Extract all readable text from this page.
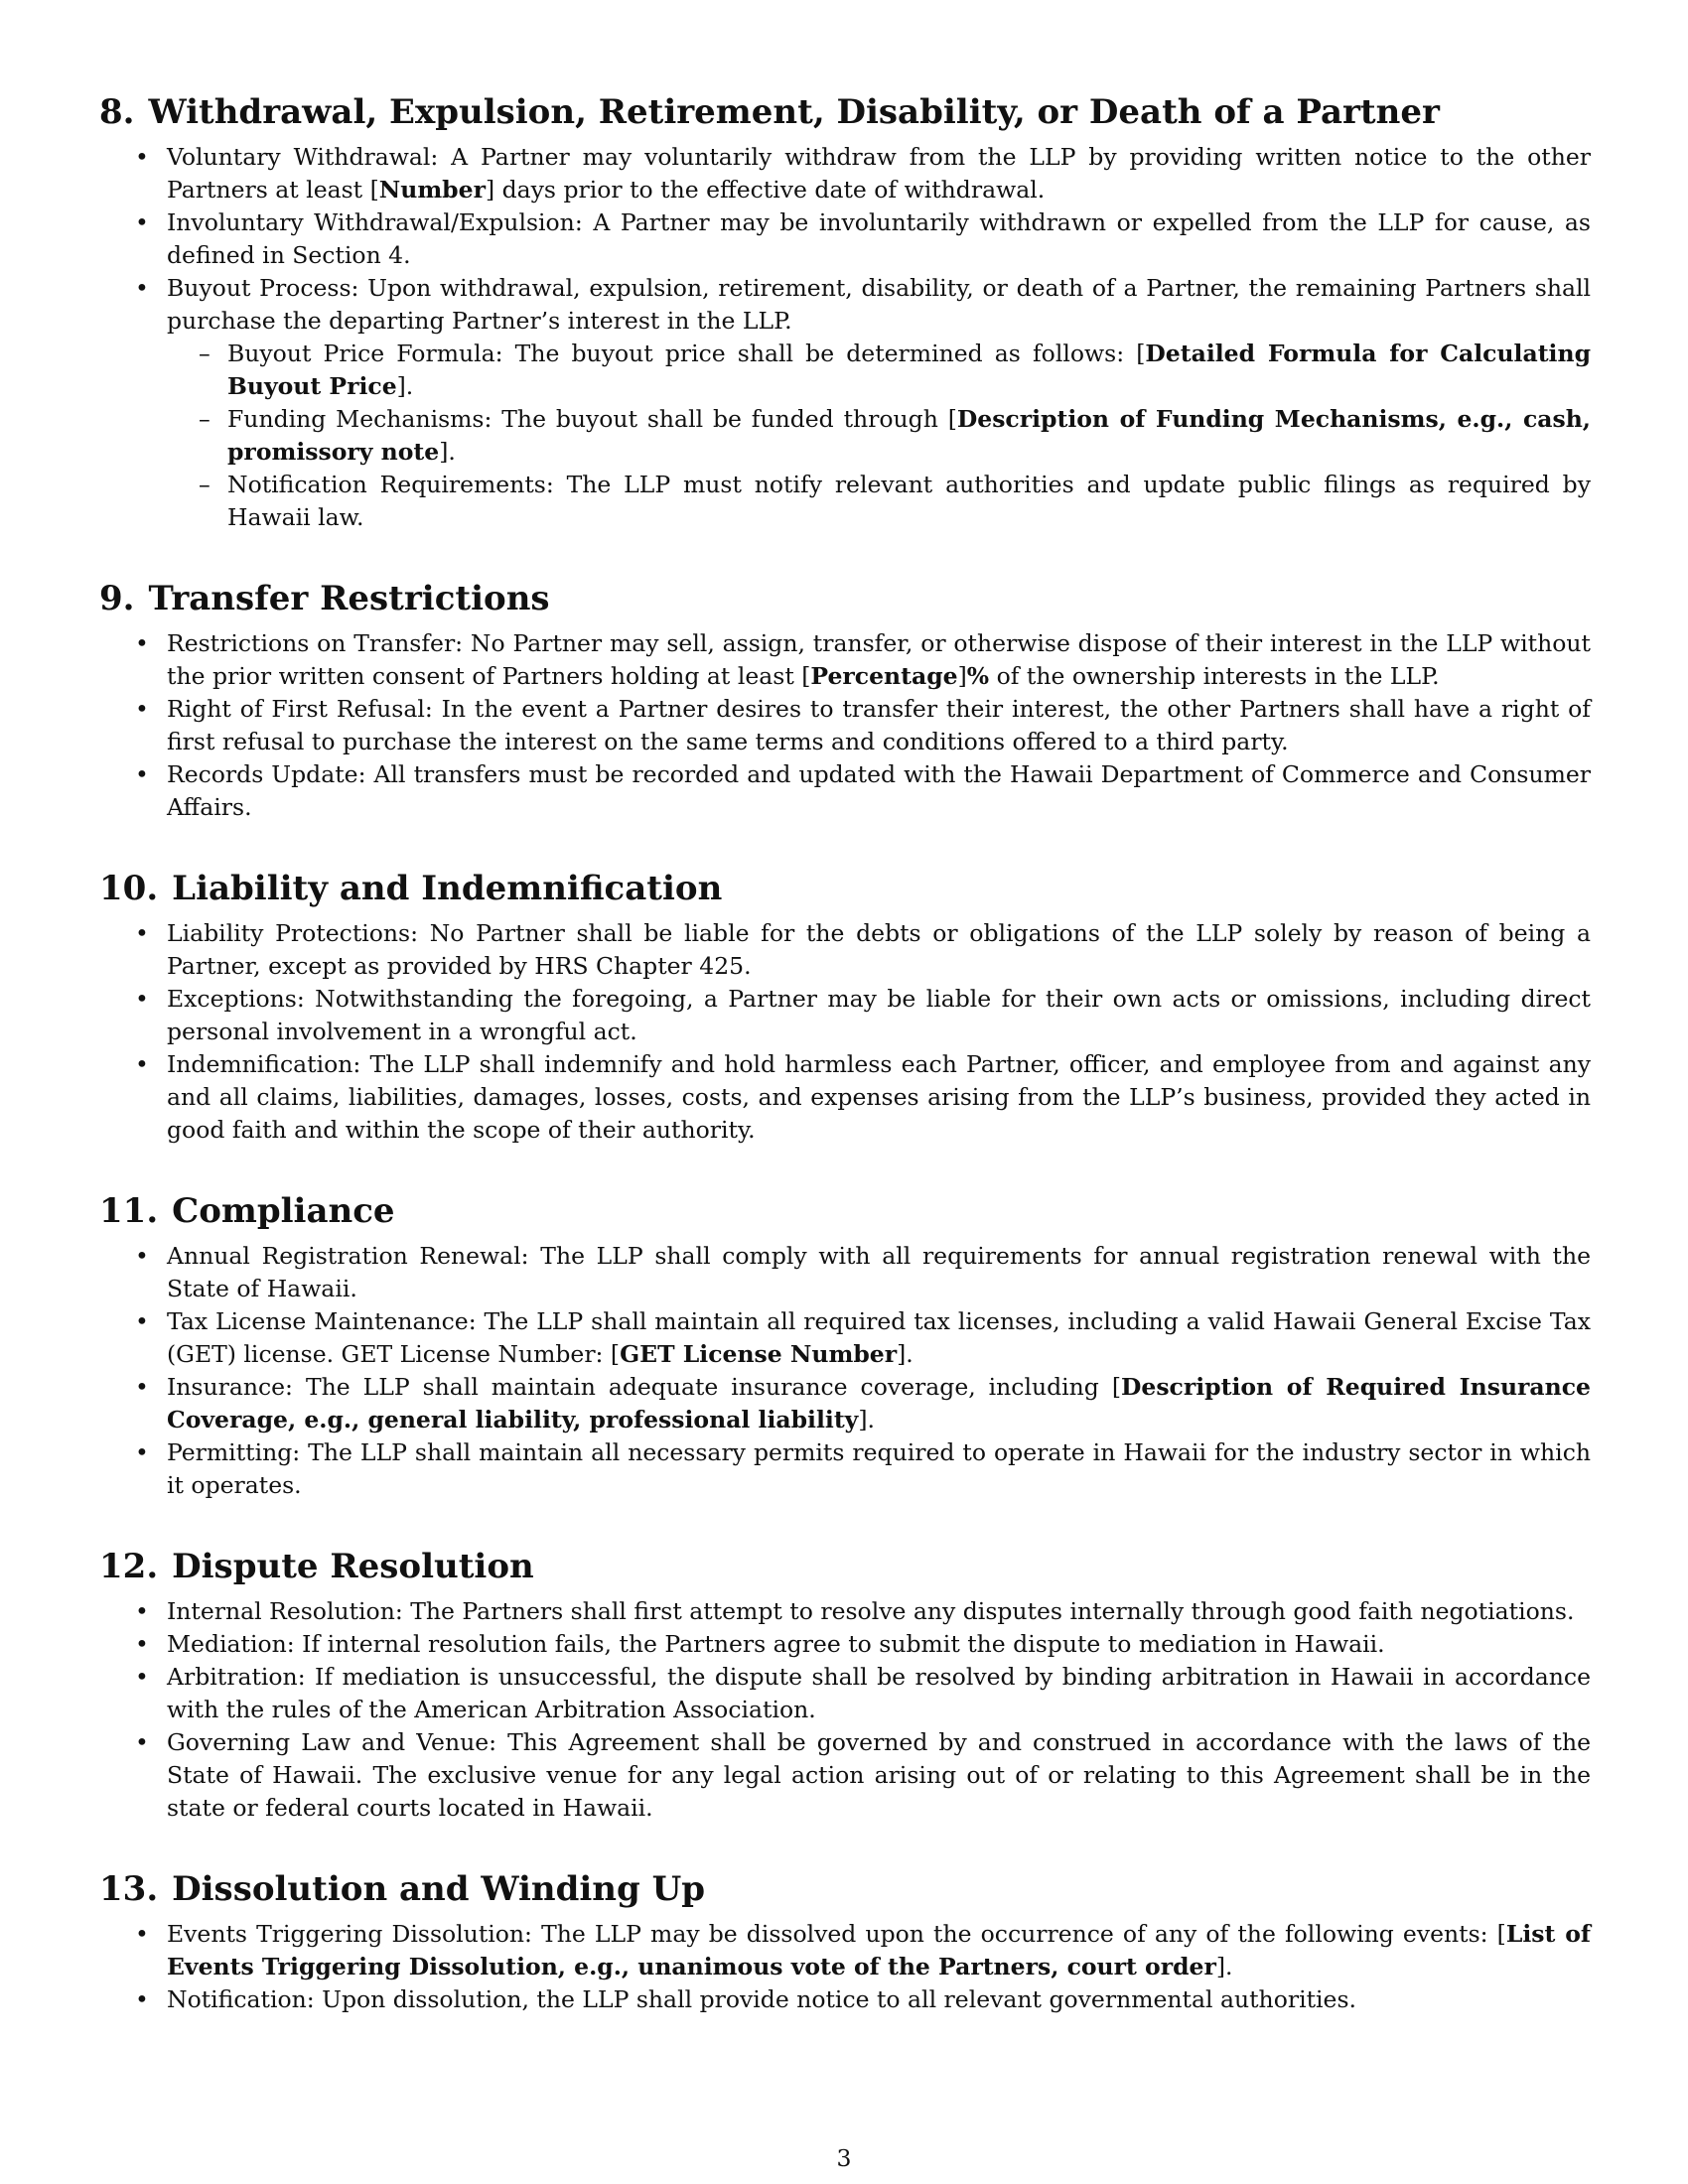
8. Withdrawal, Expulsion, Retirement, Disability, or Death of a Partner
• Voluntary Withdrawal: A Partner may voluntarily withdraw from the LLP by providing written notice to the other Partners at least [Number] days prior to the effective date of withdrawal.
• Involuntary Withdrawal/Expulsion: A Partner may be involuntarily withdrawn or expelled from the LLP for cause, as defined in Section 4.
• Buyout Process: Upon withdrawal, expulsion, retirement, disability, or death of a Partner, the remaining Partners shall purchase the departing Partner’s interest in the LLP.
– Buyout Price Formula: The buyout price shall be determined as follows: [Detailed Formula for Calculating Buyout Price].
– Funding Mechanisms: The buyout shall be funded through [Description of Funding Mechanisms, e.g., cash, promissory note].
– Notification Requirements: The LLP must notify relevant authorities and update public filings as required by Hawaii law.
9. Transfer Restrictions
• Restrictions on Transfer: No Partner may sell, assign, transfer, or otherwise dispose of their interest in the LLP without the prior written consent of Partners holding at least [Percentage]% of the ownership interests in the LLP.
• Right of First Refusal: In the event a Partner desires to transfer their interest, the other Partners shall have a right of first refusal to purchase the interest on the same terms and conditions offered to a third party.
• Records Update: All transfers must be recorded and updated with the Hawaii Department of Commerce and Consumer Affairs.
10. Liability and Indemnification
• Liability Protections: No Partner shall be liable for the debts or obligations of the LLP solely by reason of being a Partner, except as provided by HRS Chapter 425.
• Exceptions: Notwithstanding the foregoing, a Partner may be liable for their own acts or omissions, including direct personal involvement in a wrongful act.
• Indemnification: The LLP shall indemnify and hold harmless each Partner, officer, and employee from and against any and all claims, liabilities, damages, losses, costs, and expenses arising from the LLP’s business, provided they acted in good faith and within the scope of their authority.
11. Compliance
• Annual Registration Renewal: The LLP shall comply with all requirements for annual registration renewal with the State of Hawaii.
• Tax License Maintenance: The LLP shall maintain all required tax licenses, including a valid Hawaii General Excise Tax (GET) license. GET License Number: [GET License Number].
• Insurance: The LLP shall maintain adequate insurance coverage, including [Description of Required Insurance Coverage, e.g., general liability, professional liability].
• Permitting: The LLP shall maintain all necessary permits required to operate in Hawaii for the industry sector in which it operates.
12. Dispute Resolution
• Internal Resolution: The Partners shall first attempt to resolve any disputes internally through good faith negotiations.
• Mediation: If internal resolution fails, the Partners agree to submit the dispute to mediation in Hawaii.
• Arbitration: If mediation is unsuccessful, the dispute shall be resolved by binding arbitration in Hawaii in accordance with the rules of the American Arbitration Association.
• Governing Law and Venue: This Agreement shall be governed by and construed in accordance with the laws of the State of Hawaii. The exclusive venue for any legal action arising out of or relating to this Agreement shall be in the state or federal courts located in Hawaii.
13. Dissolution and Winding Up
• Events Triggering Dissolution: The LLP may be dissolved upon the occurrence of any of the following events: [List of Events Triggering Dissolution, e.g., unanimous vote of the Partners, court order].
• Notification: Upon dissolution, the LLP shall provide notice to all relevant governmental authorities.
3
